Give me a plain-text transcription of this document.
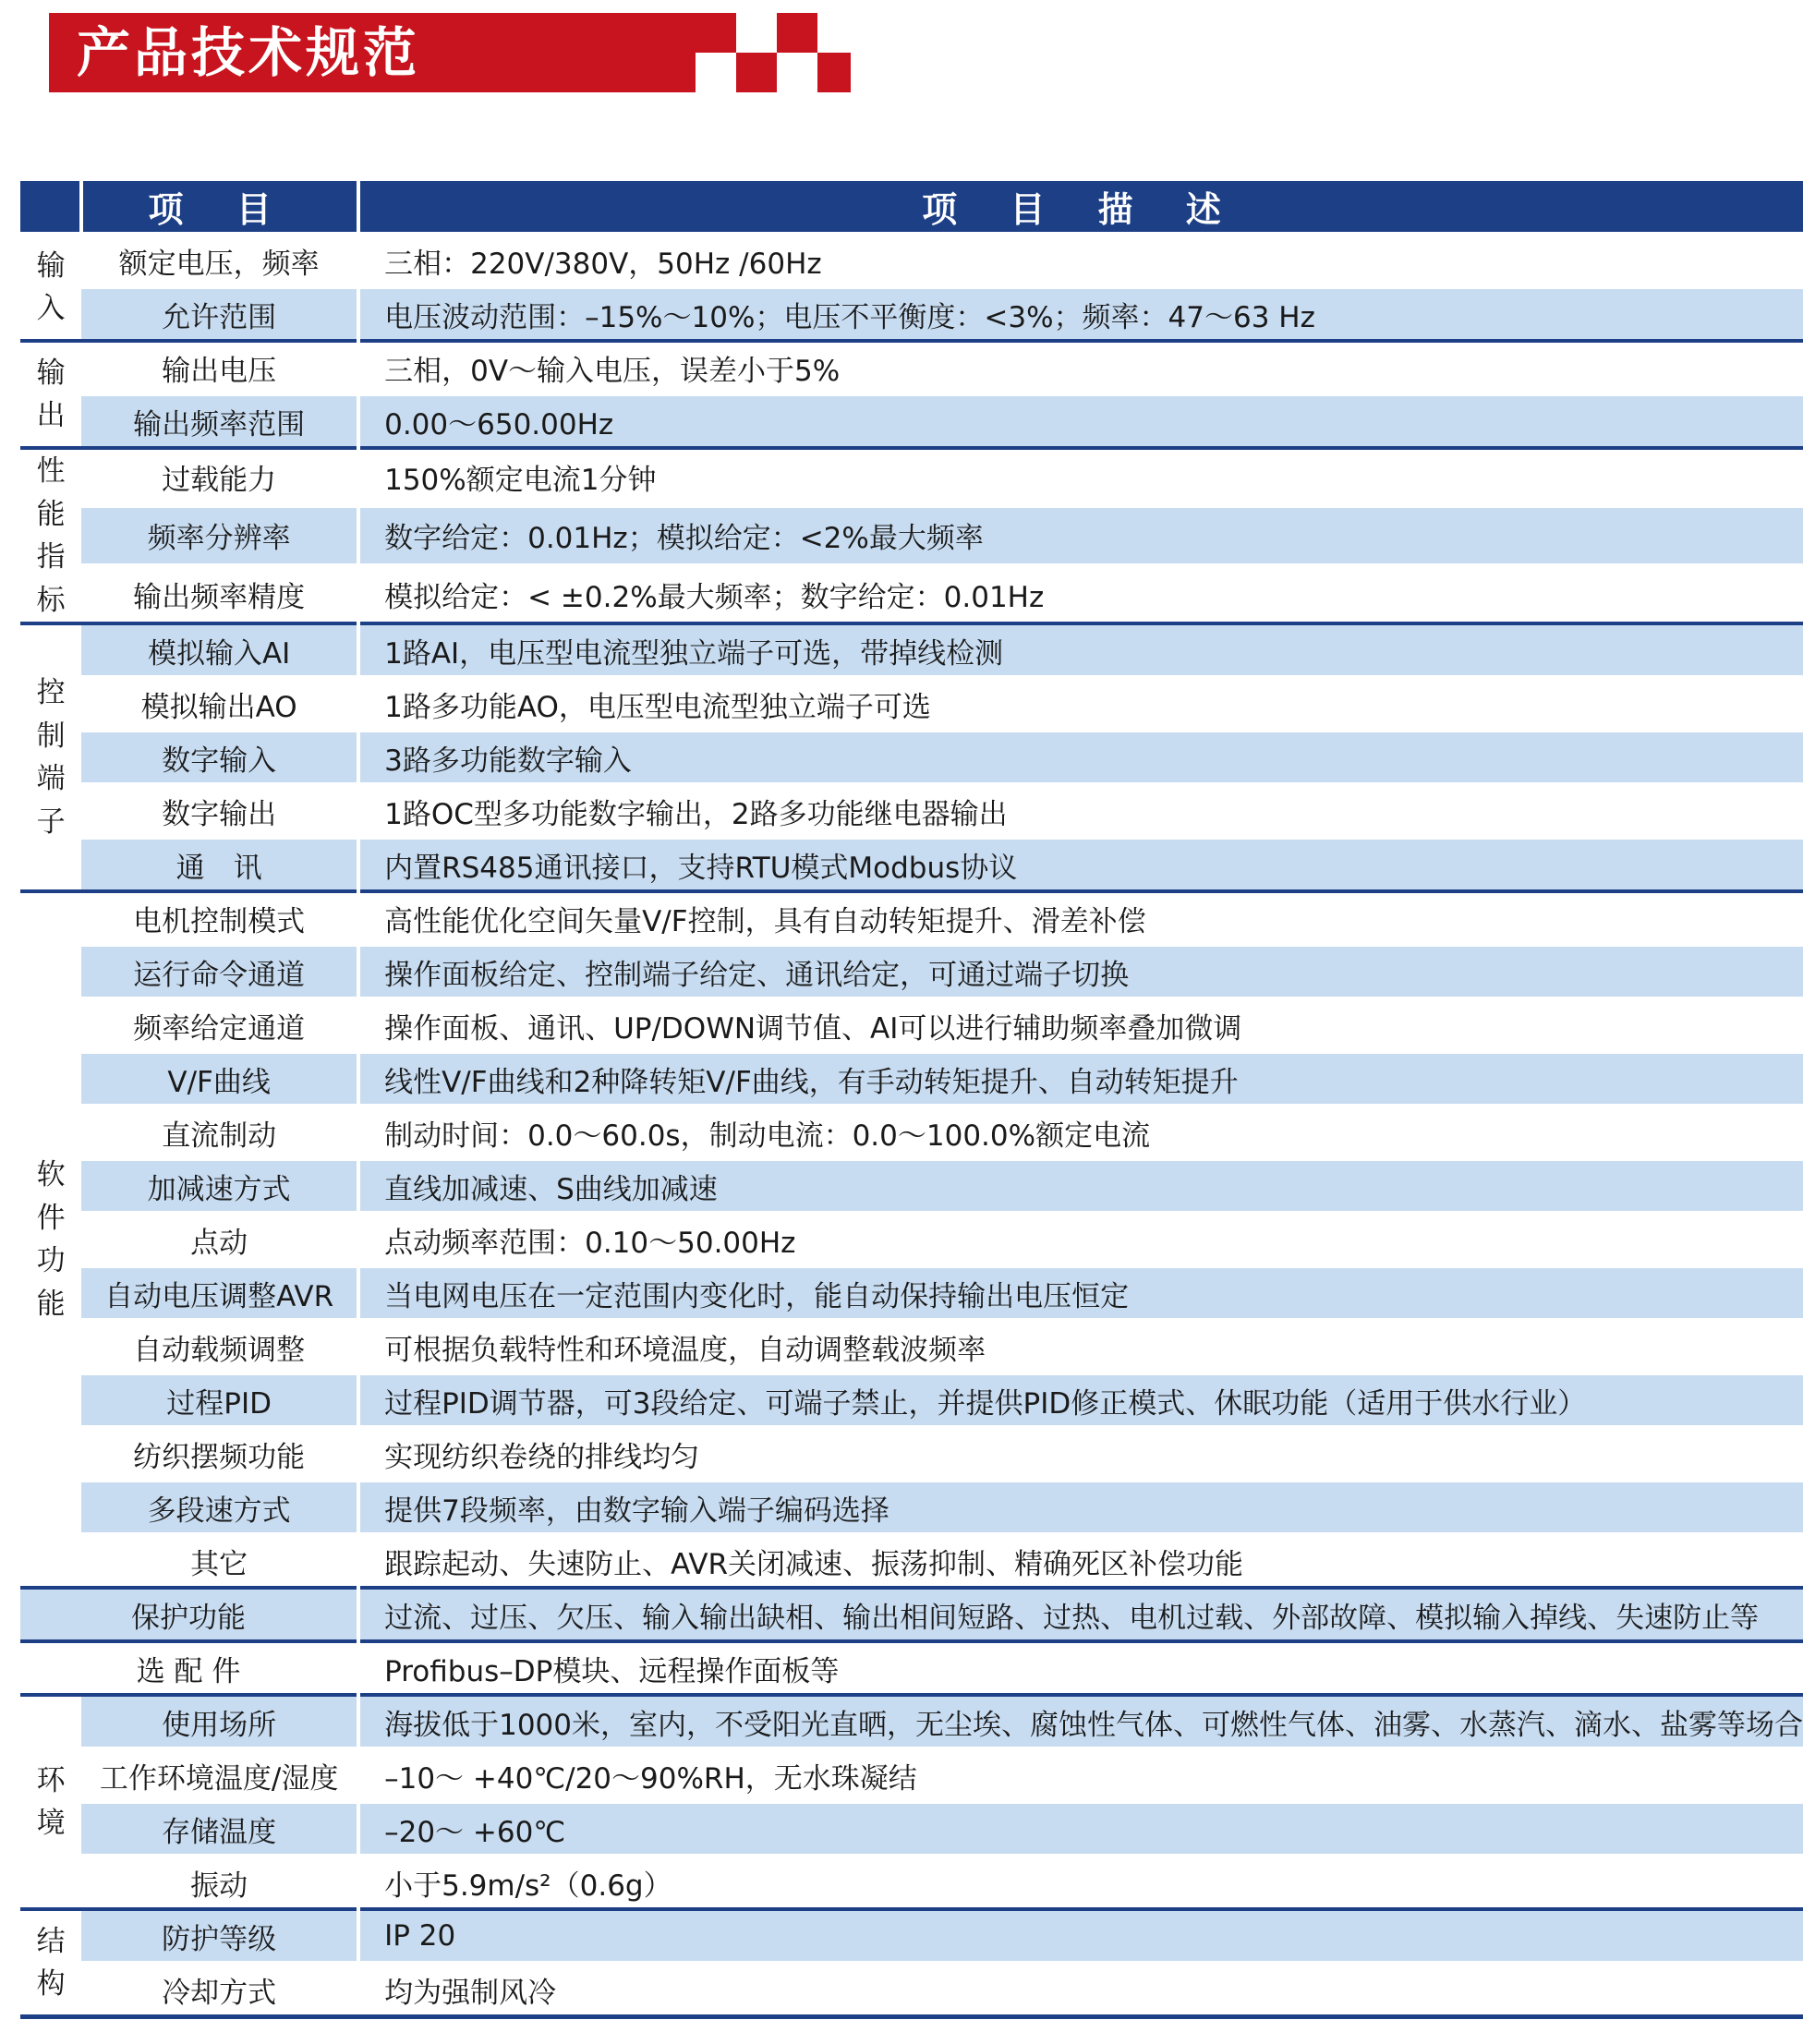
产品技术规范
	项 目	项 目 描 述
输入	额定电压，频率	三相：220V/380V，50Hz /60Hz
	允许范围	电压波动范围：–15%～10%；电压不平衡度：<3%；频率：47～63 Hz
输出	输出电压	三相，0V～输入电压，误差小于5%
	输出频率范围	0.00～650.00Hz
性能指标	过载能力	150%额定电流1分钟
	频率分辨率	数字给定：0.01Hz；模拟给定：<2%最大频率
	输出频率精度	模拟给定：< ±0.2%最大频率；数字给定：0.01Hz
控制端子	模拟输入AI	1路AI，电压型电流型独立端子可选，带掉线检测
	模拟输出AO	1路多功能AO，电压型电流型独立端子可选
	数字输入	3路多功能数字输入
	数字输出	1路OC型多功能数字输出，2路多功能继电器输出
	通　讯	内置RS485通讯接口，支持RTU模式Modbus协议
软件功能	电机控制模式	高性能优化空间矢量V/F控制，具有自动转矩提升、滑差补偿
	运行命令通道	操作面板给定、控制端子给定、通讯给定，可通过端子切换
	频率给定通道	操作面板、通讯、UP/DOWN调节值、AI可以进行辅助频率叠加微调
	V/F曲线	线性V/F曲线和2种降转矩V/F曲线，有手动转矩提升、自动转矩提升
	直流制动	制动时间：0.0～60.0s，制动电流：0.0～100.0%额定电流
	加减速方式	直线加减速、S曲线加减速
	点动	点动频率范围：0.10～50.00Hz
	自动电压调整AVR	当电网电压在一定范围内变化时，能自动保持输出电压恒定
	自动载频调整	可根据负载特性和环境温度，自动调整载波频率
	过程PID	过程PID调节器，可3段给定、可端子禁止，并提供PID修正模式、休眠功能（适用于供水行业）
	纺织摆频功能	实现纺织卷绕的排线均匀
	多段速方式	提供7段频率，由数字输入端子编码选择
	其它	跟踪起动、失速防止、AVR关闭减速、振荡抑制、精确死区补偿功能
保护功能		过流、过压、欠压、输入输出缺相、输出相间短路、过热、电机过载、外部故障、模拟输入掉线、失速防止等
选 配 件		Profibus–DP模块、远程操作面板等
环境	使用场所	海拔低于1000米，室内，不受阳光直晒，无尘埃、腐蚀性气体、可燃性气体、油雾、水蒸汽、滴水、盐雾等场合
	工作环境温度/湿度	–10～ +40℃/20～90%RH，无水珠凝结
	存储温度	–20～ +60℃
	振动	小于5.9m/s²（0.6g）
结构	防护等级	IP 20
	冷却方式	均为强制风冷
